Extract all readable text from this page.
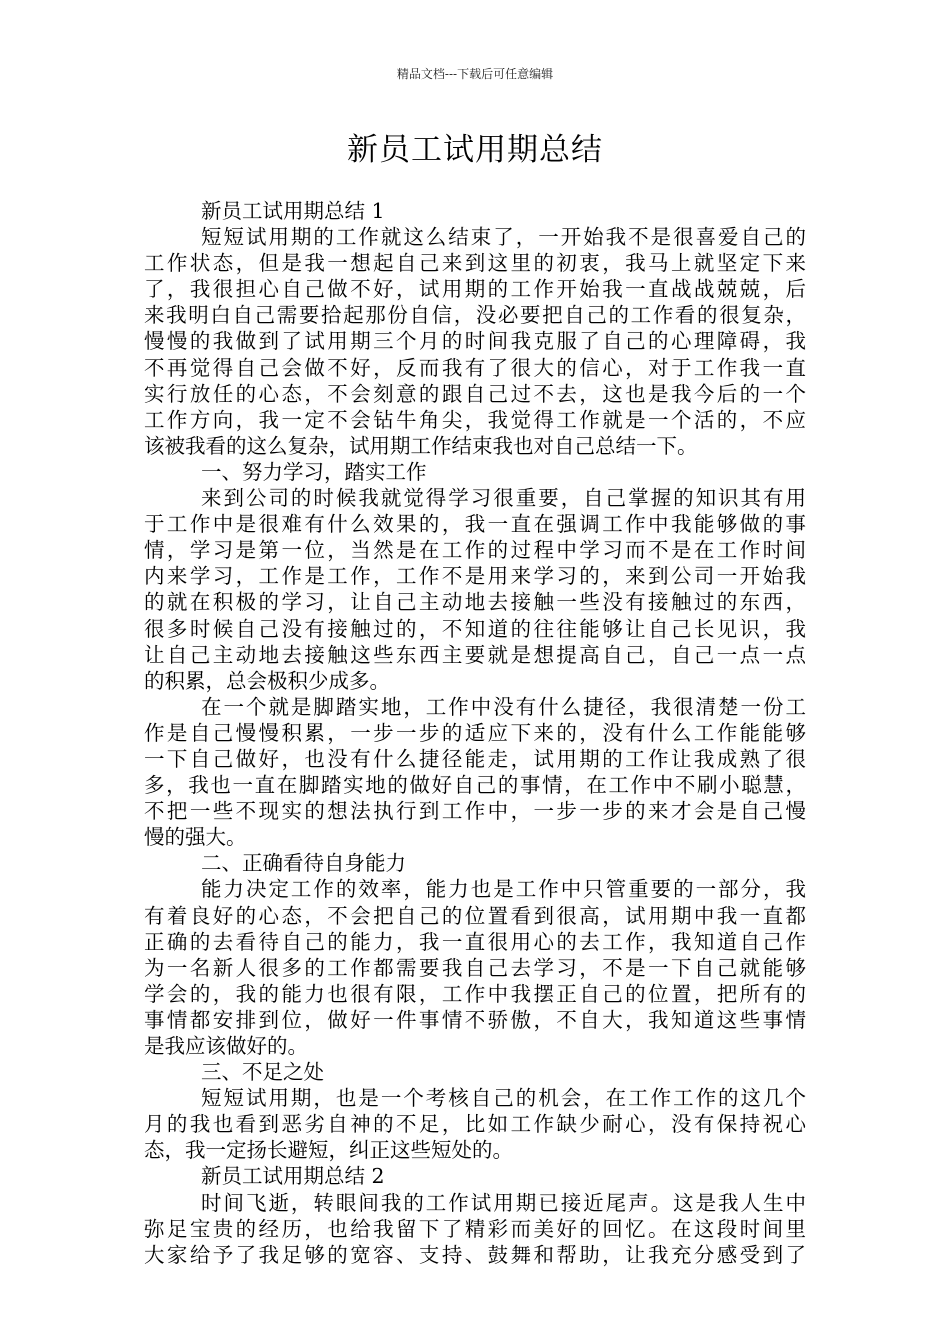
精品文档---下载后可任意编辑
新员工试用期总结
新员工试用期总结 1
短短试用期的工作就这么结束了，一开始我不是很喜爱自己的
工作状态，但是我一想起自己来到这里的初衷，我马上就坚定下来
了，我很担心自己做不好，试用期的工作开始我一直战战兢兢，后
来我明白自己需要拾起那份自信，没必要把自己的工作看的很复杂，
慢慢的我做到了试用期三个月的时间我克服了自己的心理障碍，我
不再觉得自己会做不好，反而我有了很大的信心，对于工作我一直
实行放任的心态，不会刻意的跟自己过不去，这也是我今后的一个
工作方向，我一定不会钻牛角尖，我觉得工作就是一个活的，不应
该被我看的这么复杂，试用期工作结束我也对自己总结一下。
一、努力学习，踏实工作
来到公司的时候我就觉得学习很重要，自己掌握的知识其有用
于工作中是很难有什么效果的，我一直在强调工作中我能够做的事
情，学习是第一位，当然是在工作的过程中学习而不是在工作时间
内来学习，工作是工作，工作不是用来学习的，来到公司一开始我
的就在积极的学习，让自己主动地去接触一些没有接触过的东西，
很多时候自己没有接触过的，不知道的往往能够让自己长见识，我
让自己主动地去接触这些东西主要就是想提高自己，自己一点一点
的积累，总会极积少成多。
在一个就是脚踏实地，工作中没有什么捷径，我很清楚一份工
作是自己慢慢积累，一步一步的适应下来的，没有什么工作能能够
一下自己做好，也没有什么捷径能走，试用期的工作让我成熟了很
多，我也一直在脚踏实地的做好自己的事情，在工作中不刷小聪慧，
不把一些不现实的想法执行到工作中，一步一步的来才会是自己慢
慢的强大。
二、正确看待自身能力
能力决定工作的效率，能力也是工作中只管重要的一部分，我
有着良好的心态，不会把自己的位置看到很高，试用期中我一直都
正确的去看待自己的能力，我一直很用心的去工作，我知道自己作
为一名新人很多的工作都需要我自己去学习，不是一下自己就能够
学会的，我的能力也很有限，工作中我摆正自己的位置，把所有的
事情都安排到位，做好一件事情不骄傲，不自大，我知道这些事情
是我应该做好的。
三、不足之处
短短试用期，也是一个考核自己的机会，在工作工作的这几个
月的我也看到恶劣自神的不足，比如工作缺少耐心，没有保持祝心
态，我一定扬长避短，纠正这些短处的。
新员工试用期总结 2
时间飞逝，转眼间我的工作试用期已接近尾声。这是我人生中
弥足宝贵的经历，也给我留下了精彩而美好的回忆。在这段时间里
大家给予了我足够的宽容、支持、鼓舞和帮助，让我充分感受到了
